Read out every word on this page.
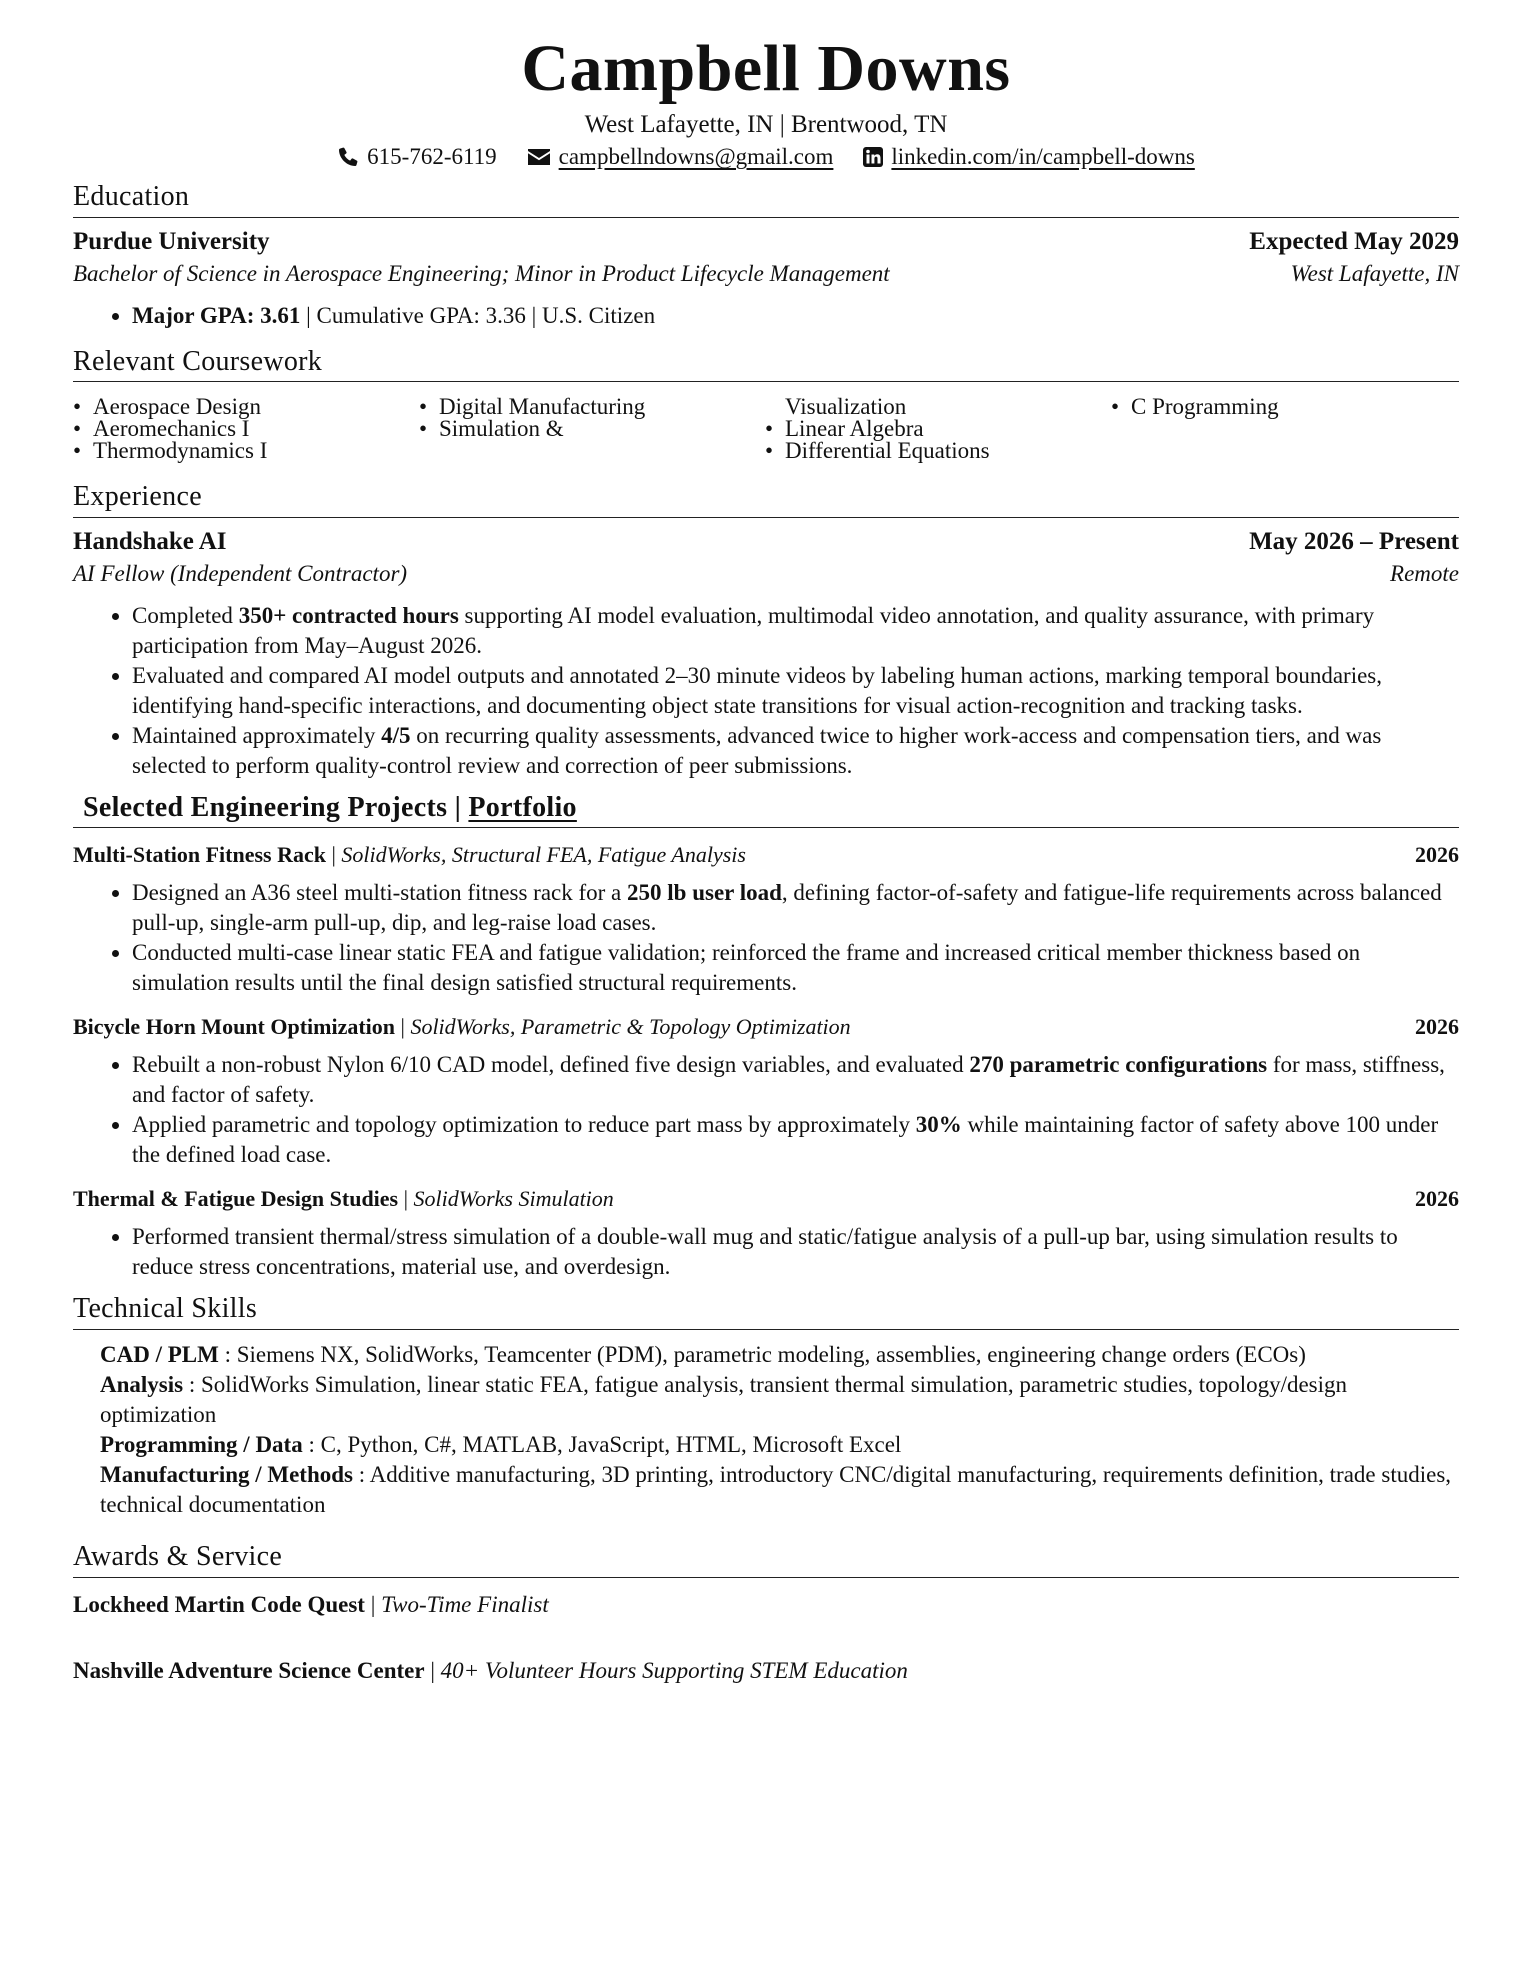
Campbell Downs
West Lafayette, IN | Brentwood, TN
615-762-6119	campbellndowns@gmail.com	linkedin.com/in/campbell-downs
Education
Purdue University	Expected May 2029
Bachelor of Science in Aerospace Engineering; Minor in Product Lifecycle Management	West Lafayette, IN
• Major GPA: 3.61 | Cumulative GPA: 3.36 | U.S. Citizen
Relevant Coursework
• Aerospace Design
• Aeromechanics I
• Thermodynamics I
• Digital Manufacturing
• Simulation &
Visualization
• Linear Algebra
• Differential Equations
• C Programming
Experience
Handshake AI	May 2026 – Present
AI Fellow (Independent Contractor)	Remote
• Completed 350+ contracted hours supporting AI model evaluation, multimodal video annotation, and quality assurance, with primary participation from May–August 2026.
• Evaluated and compared AI model outputs and annotated 2–30 minute videos by labeling human actions, marking temporal boundaries, identifying hand-specific interactions, and documenting object state transitions for visual action-recognition and tracking tasks.
• Maintained approximately 4/5 on recurring quality assessments, advanced twice to higher work-access and compensation tiers, and was selected to perform quality-control review and correction of peer submissions.
Selected Engineering Projects | Portfolio
Multi-Station Fitness Rack | SolidWorks, Structural FEA, Fatigue Analysis	2026
• Designed an A36 steel multi-station fitness rack for a 250 lb user load, defining factor-of-safety and fatigue-life requirements across balanced pull-up, single-arm pull-up, dip, and leg-raise load cases.
• Conducted multi-case linear static FEA and fatigue validation; reinforced the frame and increased critical member thickness based on simulation results until the final design satisfied structural requirements.
Bicycle Horn Mount Optimization | SolidWorks, Parametric & Topology Optimization	2026
• Rebuilt a non-robust Nylon 6/10 CAD model, defined five design variables, and evaluated 270 parametric configurations for mass, stiffness, and factor of safety.
• Applied parametric and topology optimization to reduce part mass by approximately 30% while maintaining factor of safety above 100 under the defined load case.
Thermal & Fatigue Design Studies | SolidWorks Simulation	2026
• Performed transient thermal/stress simulation of a double-wall mug and static/fatigue analysis of a pull-up bar, using simulation results to reduce stress concentrations, material use, and overdesign.
Technical Skills
CAD / PLM : Siemens NX, SolidWorks, Teamcenter (PDM), parametric modeling, assemblies, engineering change orders (ECOs)
Analysis : SolidWorks Simulation, linear static FEA, fatigue analysis, transient thermal simulation, parametric studies, topology/design optimization
Programming / Data : C, Python, C#, MATLAB, JavaScript, HTML, Microsoft Excel
Manufacturing / Methods : Additive manufacturing, 3D printing, introductory CNC/digital manufacturing, requirements definition, trade studies, technical documentation
Awards & Service
Lockheed Martin Code Quest | Two-Time Finalist
Nashville Adventure Science Center | 40+ Volunteer Hours Supporting STEM Education
